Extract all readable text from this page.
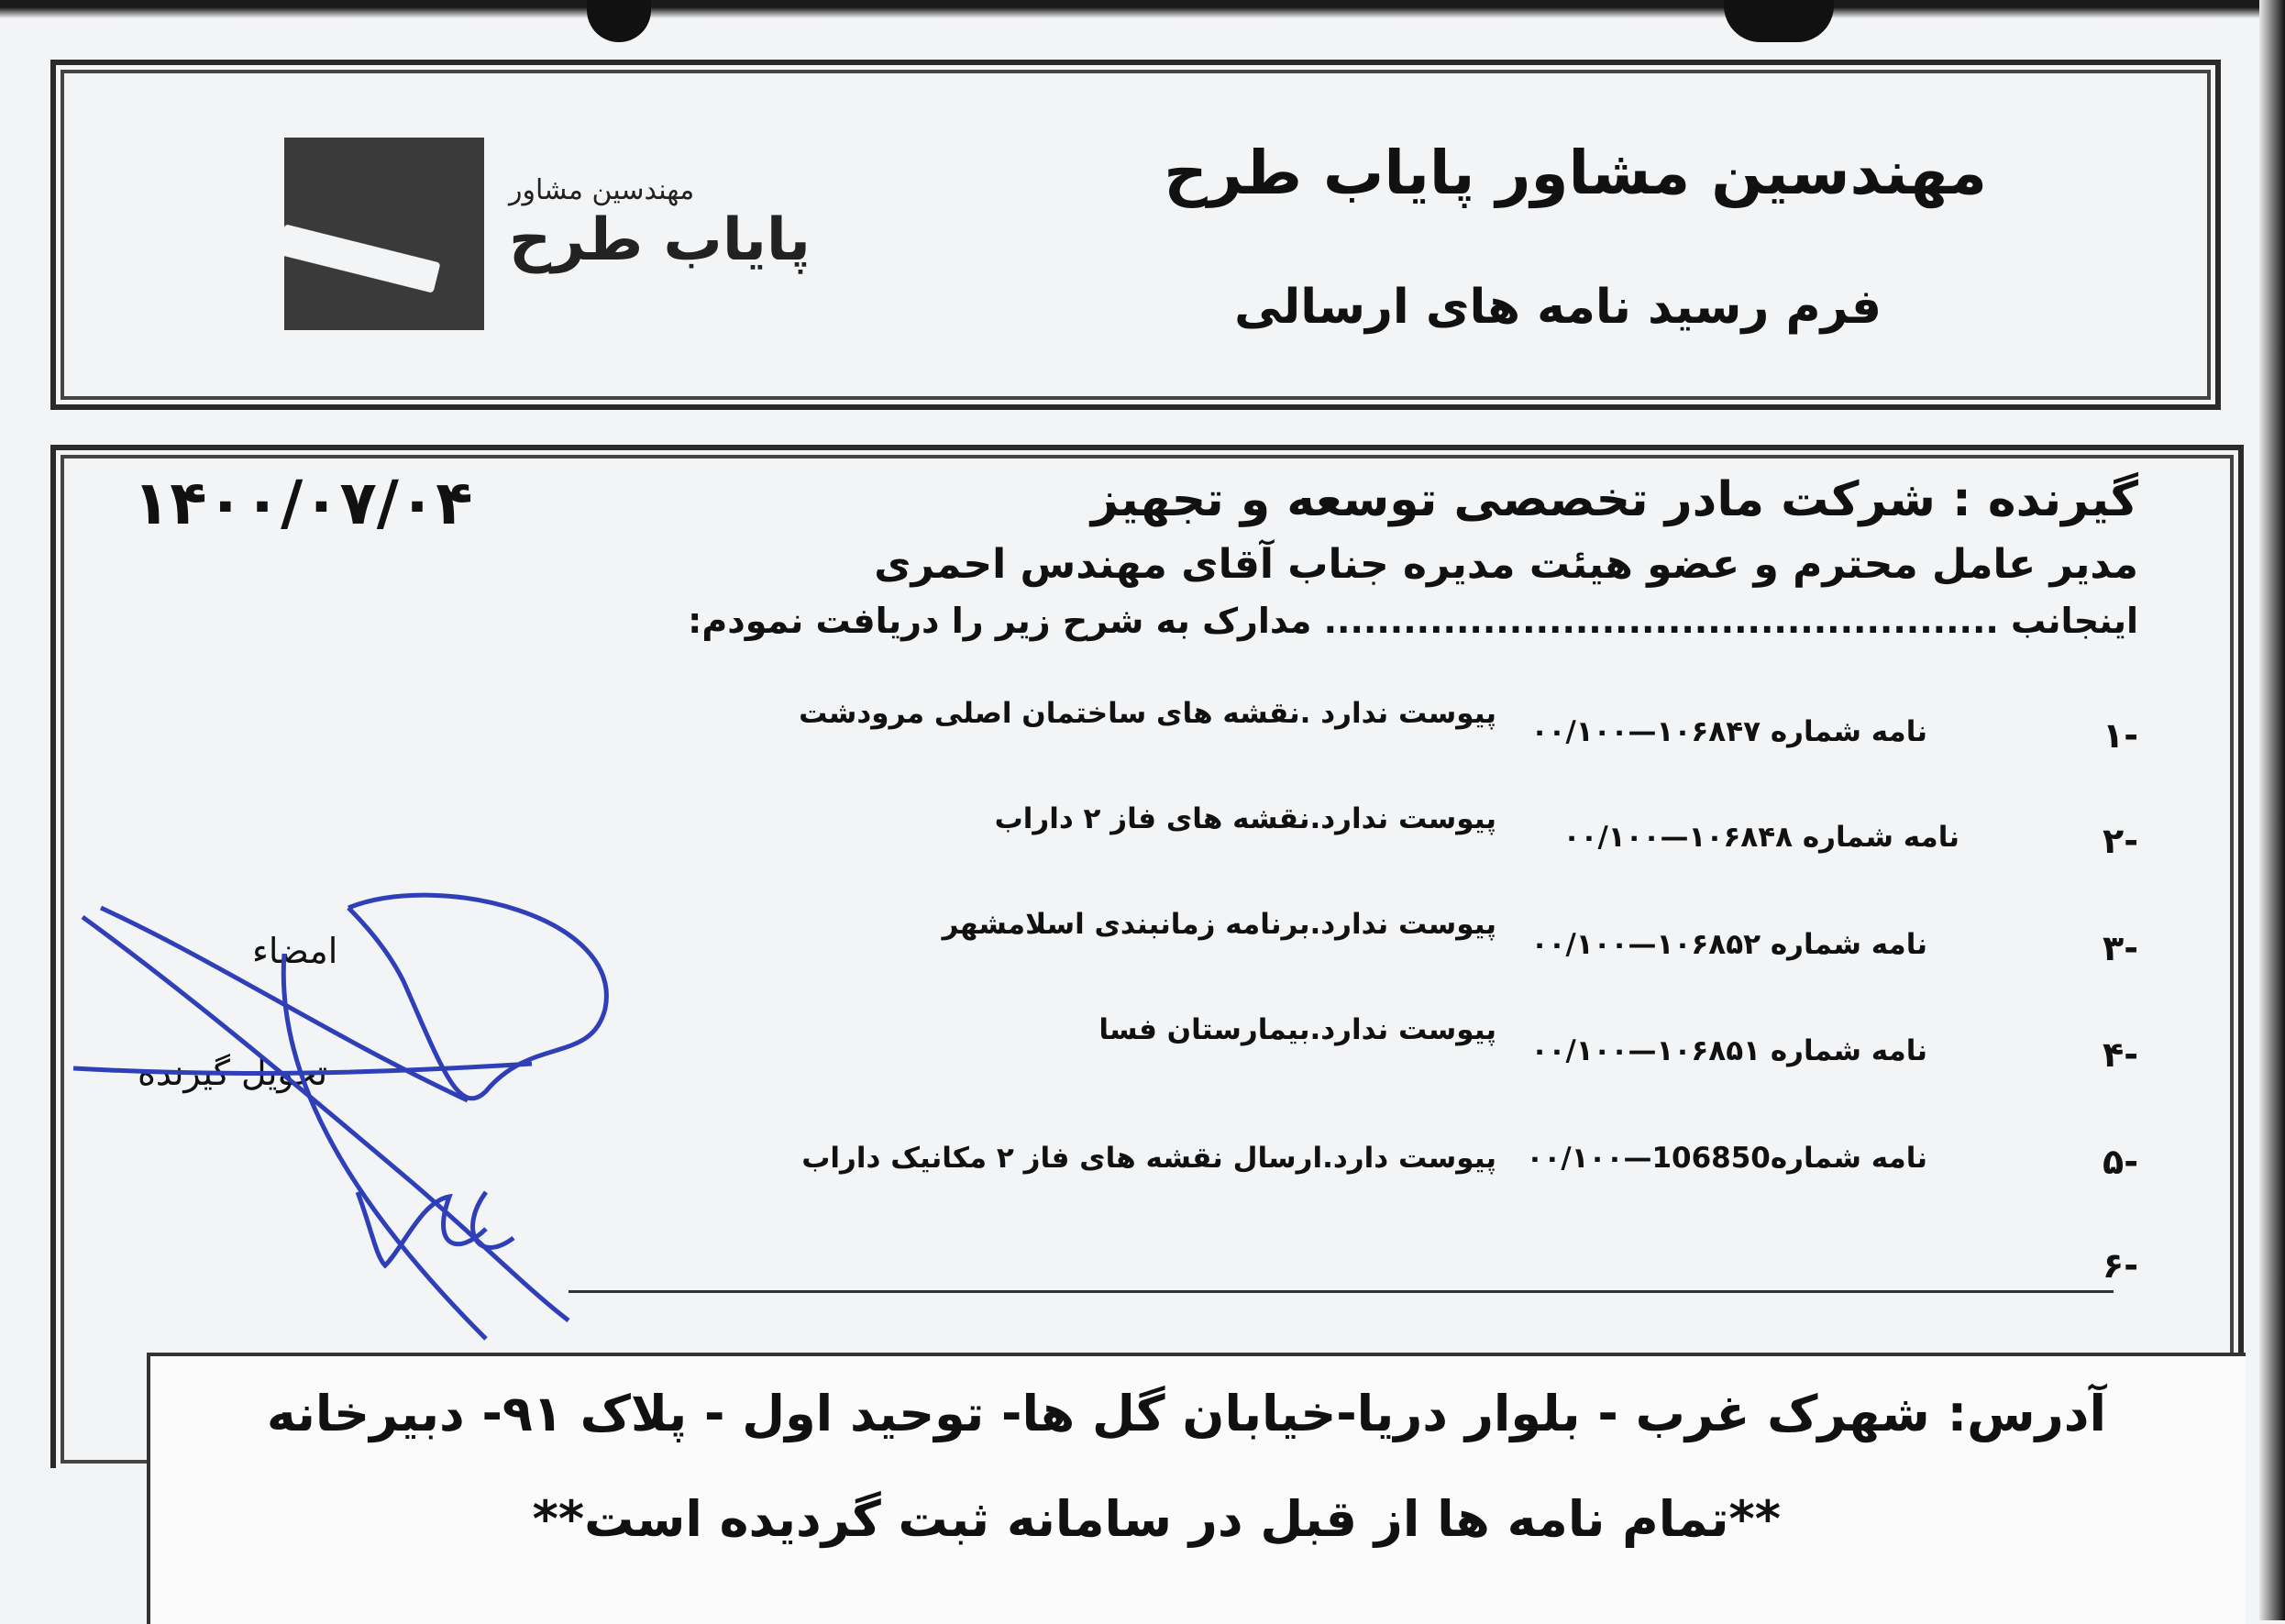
مهندسین مشاور پایاب طرح
فرم رسید نامه های ارسالی
مهندسین مشاور
پایاب طرح
۱۴۰۰/۰۷/۰۴	گیرنده : شرکت مادر تخصصی توسعه و تجهیز
مدیر عامل محترم و عضو هیئت مدیره جناب آقای مهندس احمری
اینجانب ................................................... مدارک به شرح زیر را دریافت نمودم:
-۱
نامه شماره ۱۰۶۸۴۷—۰۰/۱۰۰
پیوست ندارد .نقشه های ساختمان اصلی مرودشت
-۲
نامه شماره ۱۰۶۸۴۸—۰۰/۱۰۰
پیوست ندارد.نقشه های فاز ۲ داراب
-۳
نامه شماره ۱۰۶۸۵۲—۰۰/۱۰۰
پیوست ندارد.برنامه زمانبندی اسلامشهر
-۴
نامه شماره ۱۰۶۸۵۱—۰۰/۱۰۰
پیوست ندارد.بیمارستان فسا
-۵
نامه شماره106850—۰۰/۱۰۰
پیوست دارد.ارسال نقشه های فاز ۲ مکانیک داراب
-۶
امضاء
تحویل گیرنده
آدرس: شهرک غرب - بلوار دریا-خیابان گل ها- توحید اول - پلاک ۹۱- دبیرخانه
**تمام نامه ها از قبل در سامانه ثبت گردیده است**
